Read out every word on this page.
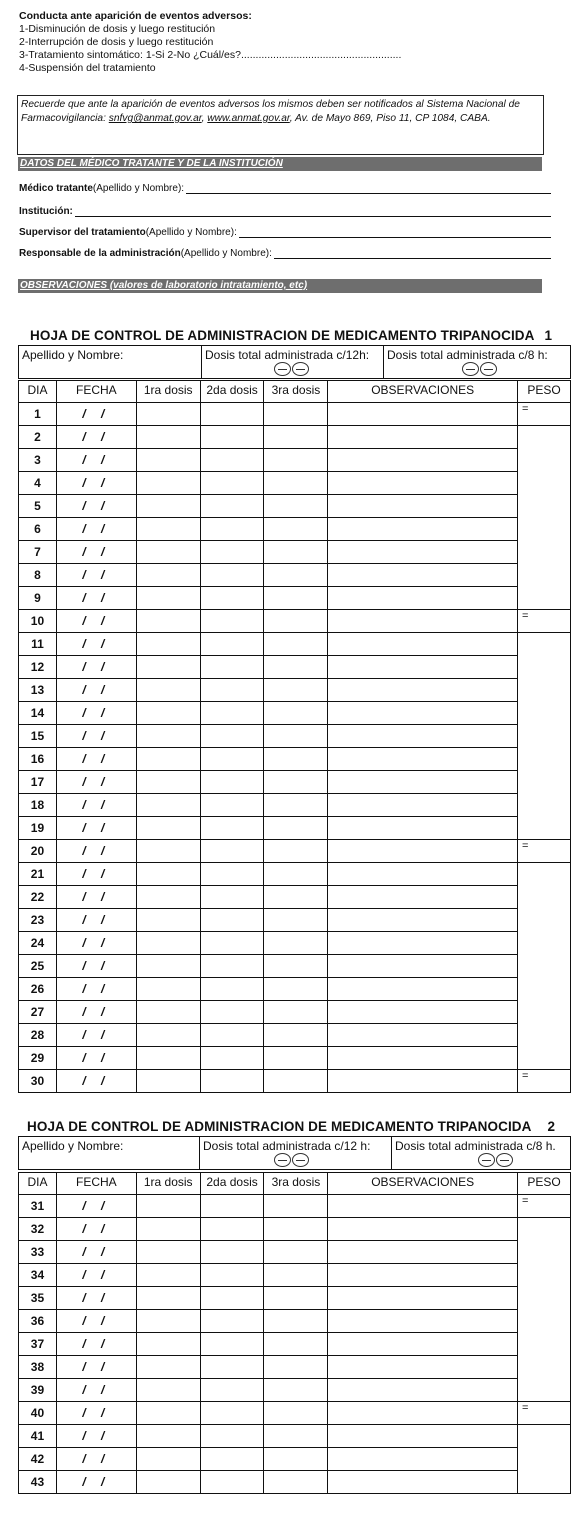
Conducta ante aparición de eventos adversos:
1-Disminución de dosis y luego restitución
2-Interrupción de dosis y luego restitución
3-Tratamiento sintomático: 1-Si 2-No ¿Cuál/es?.......................................................
4-Suspensión del tratamiento
Recuerde que ante la aparición de eventos adversos los mismos deben ser notificados al Sistema Nacional de Farmacovigilancia: snfvg@anmat.gov.ar, www.anmat.gov.ar, Av. de Mayo 869, Piso 11, CP 1084, CABA.
DATOS DEL MÉDICO TRATANTE Y DE LA INSTITUCIÓN
Médico tratante (Apellido y Nombre):
Institución:
Supervisor del tratamiento (Apellido y Nombre):
Responsable de la administración (Apellido y Nombre):
OBSERVACIONES (valores de laboratorio intratamiento, etc)
HOJA DE CONTROL DE ADMINISTRACION DE MEDICAMENTO TRIPANOCIDA 1
Apellido y Nombre:	Dosis total administrada c/12h:	Dosis total administrada c/8 h:
DIA	FECHA	1ra dosis	2da dosis	3ra dosis	OBSERVACIONES	PESO
1	/ /					=
2	/ /					
3	/ /					
4	/ /					
5	/ /					
6	/ /					
7	/ /					
8	/ /					
9	/ /					
10	/ /					=
11	/ /					
12	/ /					
13	/ /					
14	/ /					
15	/ /					
16	/ /					
17	/ /					
18	/ /					
19	/ /					
20	/ /					=
21	/ /					
22	/ /					
23	/ /					
24	/ /					
25	/ /					
26	/ /					
27	/ /					
28	/ /					
29	/ /					
30	/ /					=
HOJA DE CONTROL DE ADMINISTRACION DE MEDICAMENTO TRIPANOCIDA 2
Apellido y Nombre:	Dosis total administrada c/12 h:	Dosis total administrada c/8 h.
DIA	FECHA	1ra dosis	2da dosis	3ra dosis	OBSERVACIONES	PESO
31	/ /					=
32	/ /					
33	/ /					
34	/ /					
35	/ /					
36	/ /					
37	/ /					
38	/ /					
39	/ /					
40	/ /					=
41	/ /					
42	/ /					
43	/ /					
